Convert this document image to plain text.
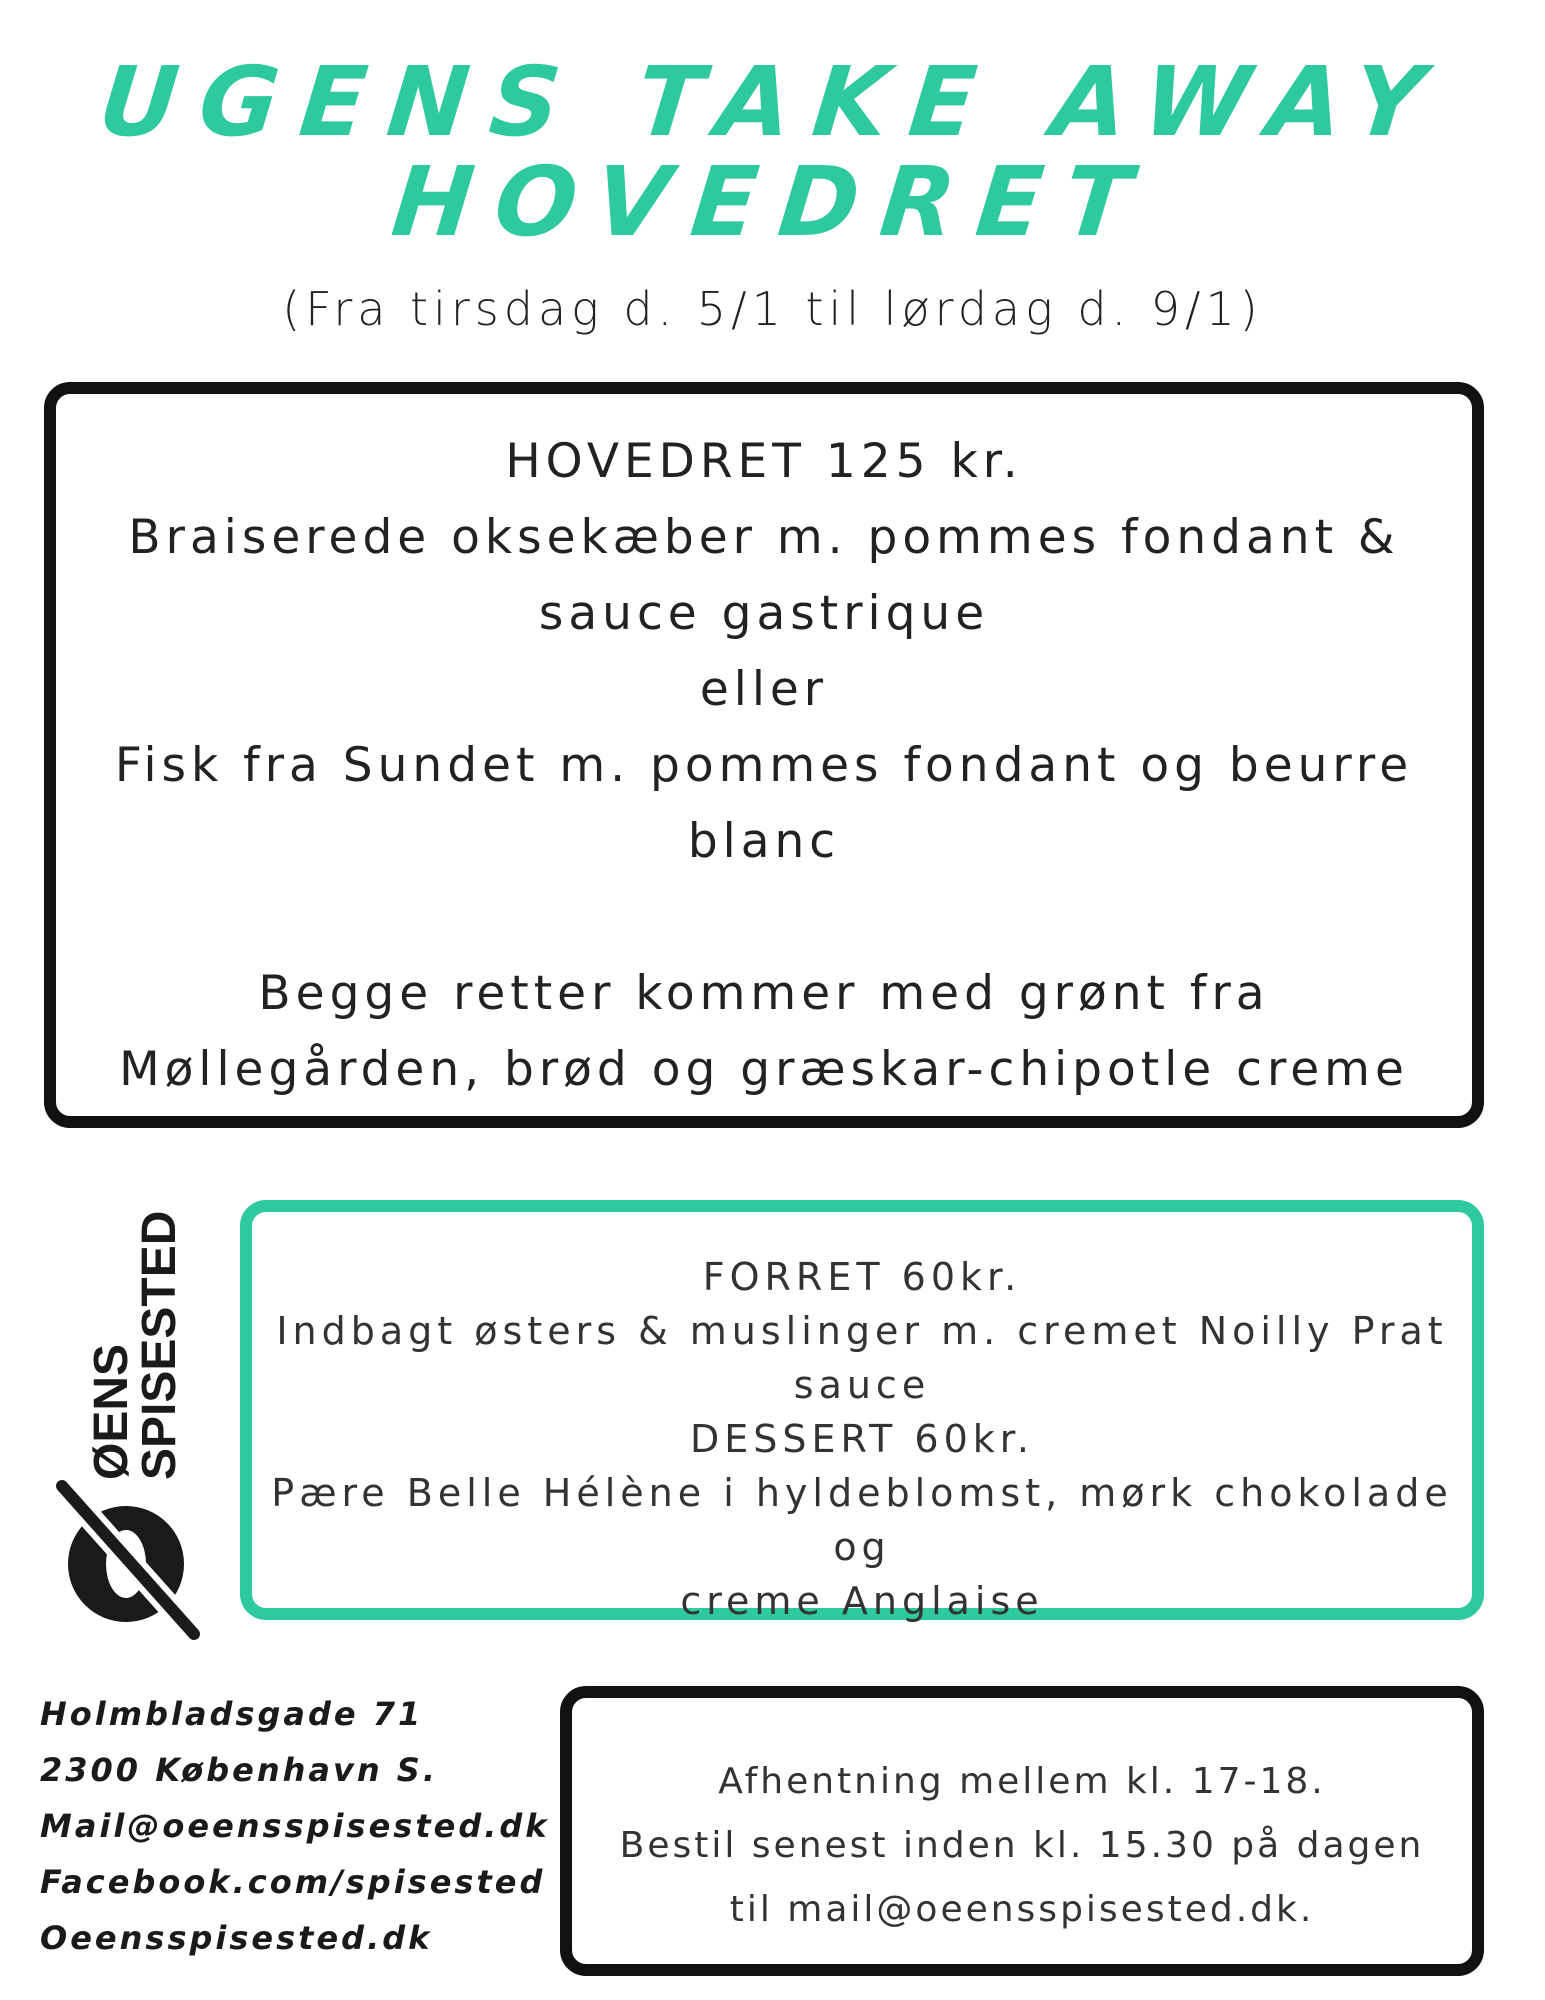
UGENS TAKE AWAY
HOVEDRET
(Fra tirsdag d. 5/1 til lørdag d. 9/1)

HOVEDRET 125 kr.

Braiserede oksekæber m. pommes fondant &

sauce gastrique

eller

Fisk fra Sundet m. pommes fondant og beurre

blanc

Begge retter kommer med grønt fra

Møllegården, brød og græskar-chipotle creme

ØENS
SPISESTED	FORRET 60kr.

Indbagt østers & muslinger m. cremet Noilly Prat

sauce

DESSERT 60kr.

Pære Belle Hélène i hyldeblomst, mørk chokolade og

creme Anglaise

Holmbladsgade 71

2300 København S.

Mail@oeensspisested.dk

Facebook.com/spisested

Oeensspisested.dk

Afhentning mellem kl. 17-18.

Bestil senest inden kl. 15.30 på dagen

til mail@oeensspisested.dk.
